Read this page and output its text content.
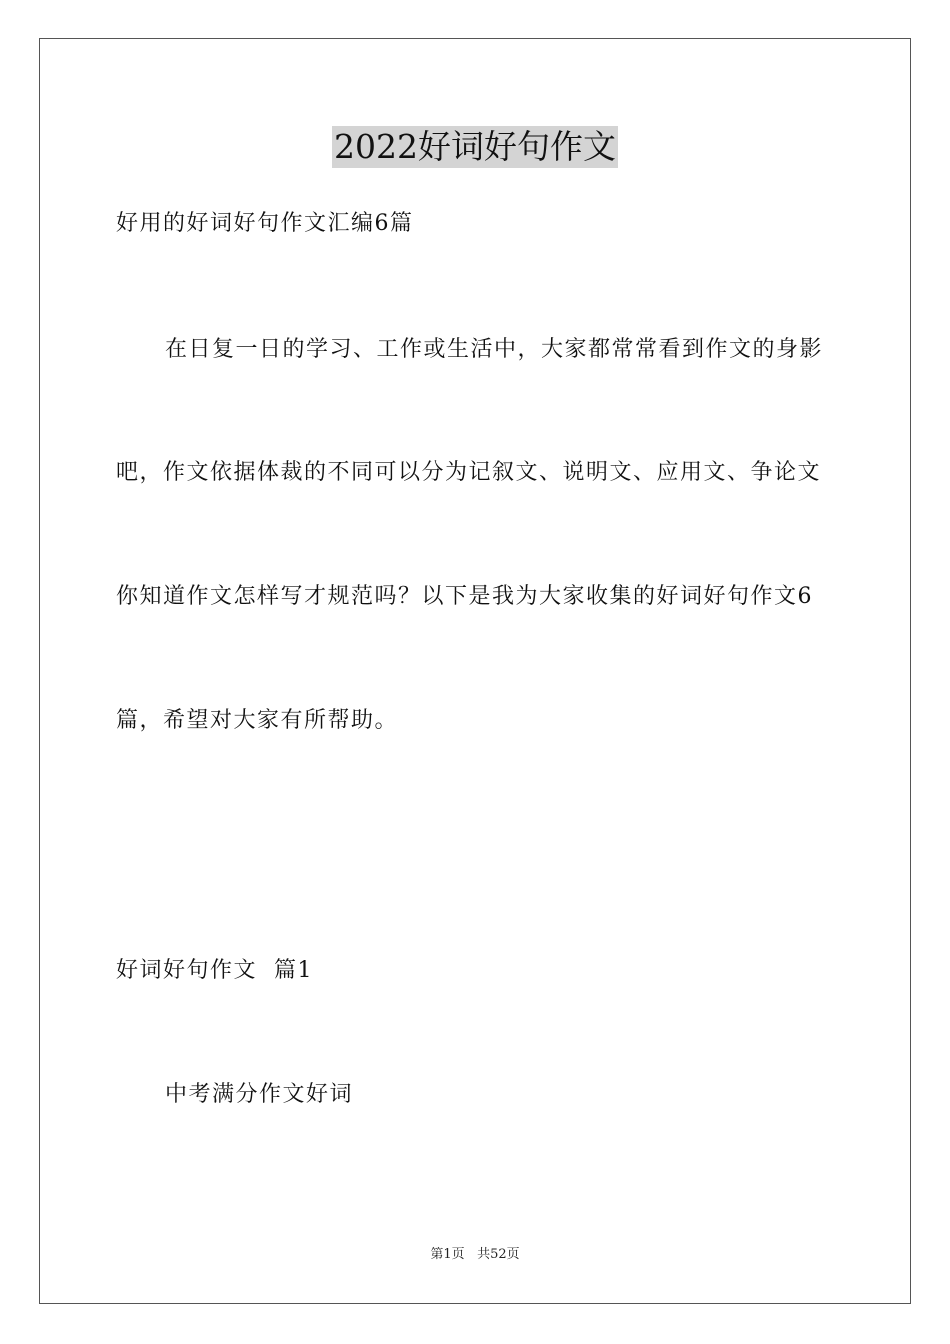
2022好词好句作文
好用的好词好句作文汇编6篇
在日复一日的学习、工作或生活中，大家都常常看到作文的身影
吧，作文依据体裁的不同可以分为记叙文、说明文、应用文、争论文
你知道作文怎样写才规范吗？以下是我为大家收集的好词好句作文6
篇，希望对大家有所帮助。
好词好句作文  篇1
中考满分作文好词
第1页 共52页
